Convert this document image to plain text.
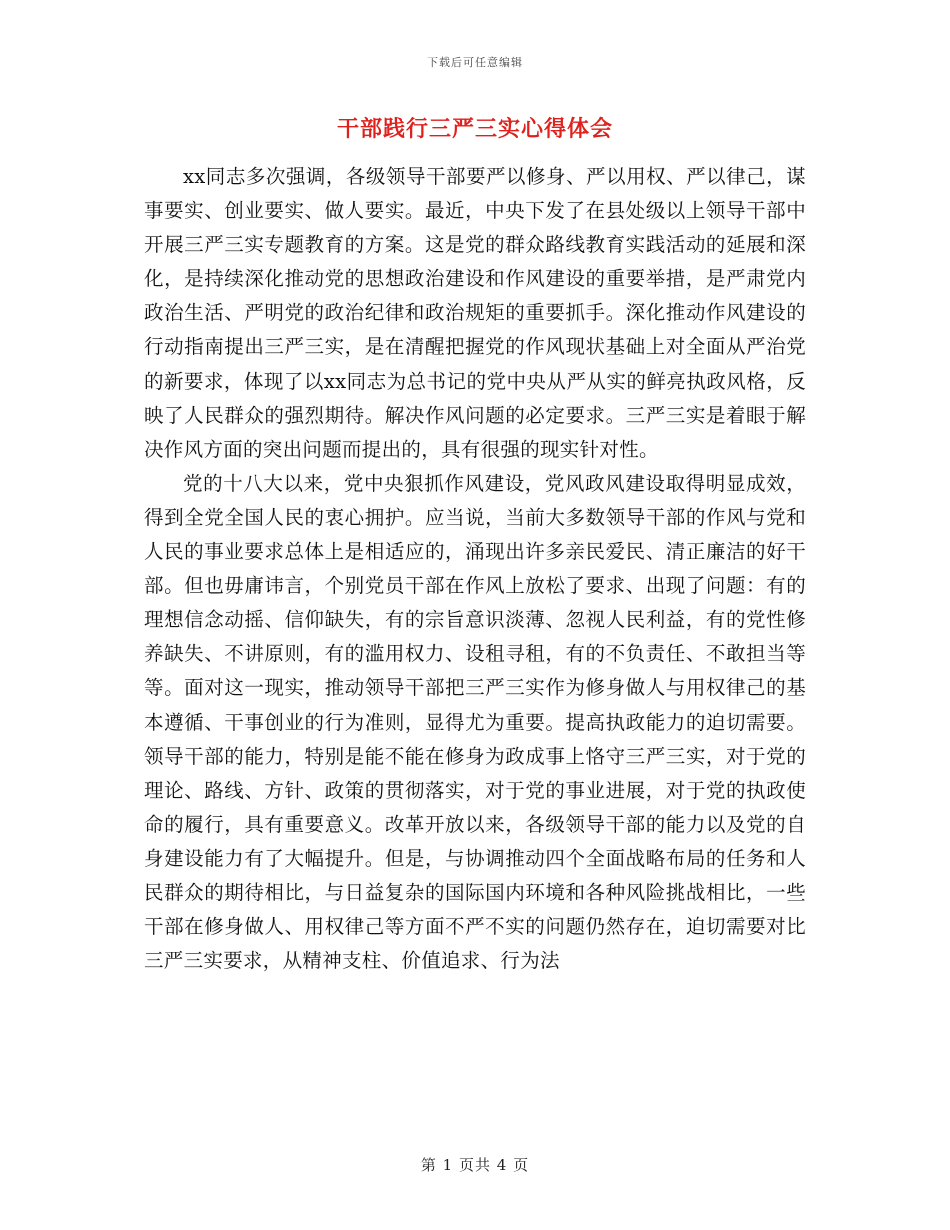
下载后可任意编辑
干部践行三严三实心得体会

xx同志多次强调，各级领导干部要严以修身、严以用权、严以律己，谋事要实、创业要实、做人要实。最近，中央下发了在县处级以上领导干部中开展三严三实专题教育的方案。这是党的群众路线教育实践活动的延展和深化，是持续深化推动党的思想政治建设和作风建设的重要举措，是严肃党内政治生活、严明党的政治纪律和政治规矩的重要抓手。深化推动作风建设的行动指南提出三严三实，是在清醒把握党的作风现状基础上对全面从严治党的新要求，体现了以xx同志为总书记的党中央从严从实的鲜亮执政风格，反映了人民群众的强烈期待。解决作风问题的必定要求。三严三实是着眼于解决作风方面的突出问题而提出的，具有很强的现实针对性。

党的十八大以来，党中央狠抓作风建设，党风政风建设取得明显成效，得到全党全国人民的衷心拥护。应当说，当前大多数领导干部的作风与党和人民的事业要求总体上是相适应的，涌现出许多亲民爱民、清正廉洁的好干部。但也毋庸讳言，个别党员干部在作风上放松了要求、出现了问题：有的理想信念动摇、信仰缺失，有的宗旨意识淡薄、忽视人民利益，有的党性修养缺失、不讲原则，有的滥用权力、设租寻租，有的不负责任、不敢担当等等。面对这一现实，推动领导干部把三严三实作为修身做人与用权律己的基本遵循、干事创业的行为准则，显得尤为重要。提高执政能力的迫切需要。领导干部的能力，特别是能不能在修身为政成事上恪守三严三实，对于党的理论、路线、方针、政策的贯彻落实，对于党的事业进展，对于党的执政使命的履行，具有重要意义。改革开放以来，各级领导干部的能力以及党的自身建设能力有了大幅提升。但是，与协调推动四个全面战略布局的任务和人民群众的期待相比，与日益复杂的国际国内环境和各种风险挑战相比，一些干部在修身做人、用权律己等方面不严不实的问题仍然存在，迫切需要对比三严三实要求，从精神支柱、价值追求、行为法

第 1 页共 4 页
